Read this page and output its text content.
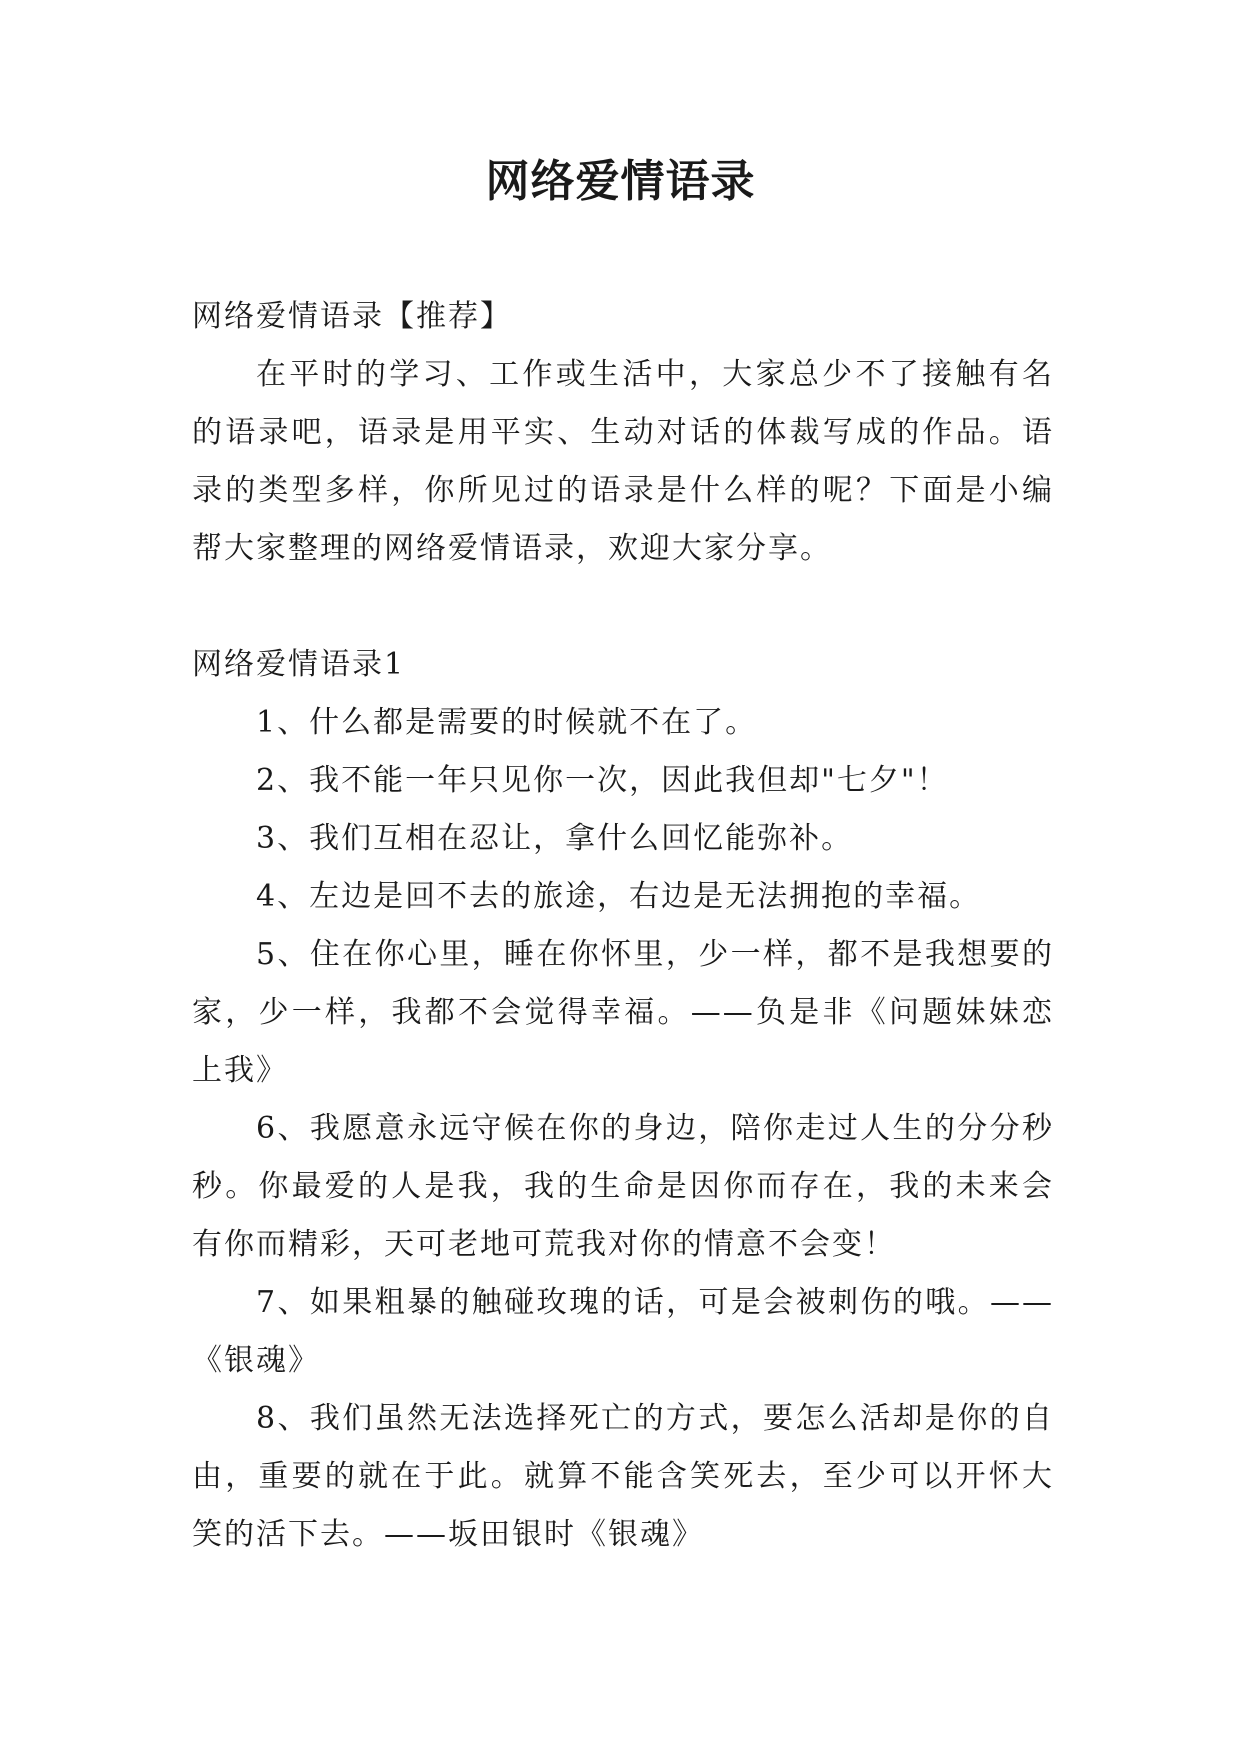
网络爱情语录

网络爱情语录【推荐】

在平时的学习、工作或生活中，大家总少不了接触有名的语录吧，语录是用平实、生动对话的体裁写成的作品。语录的类型多样，你所见过的语录是什么样的呢？下面是小编帮大家整理的网络爱情语录，欢迎大家分享。

网络爱情语录1

1、什么都是需要的时候就不在了。

2、我不能一年只见你一次，因此我但却"七夕"！

3、我们互相在忍让，拿什么回忆能弥补。

4、左边是回不去的旅途，右边是无法拥抱的幸福。

5、住在你心里，睡在你怀里，少一样，都不是我想要的家，少一样，我都不会觉得幸福。——负是非《问题妹妹恋上我》

6、我愿意永远守候在你的身边，陪你走过人生的分分秒秒。你最爱的人是我，我的生命是因你而存在，我的未来会有你而精彩，天可老地可荒我对你的情意不会变！

7、如果粗暴的触碰玫瑰的话，可是会被刺伤的哦。——《银魂》

8、我们虽然无法选择死亡的方式，要怎么活却是你的自由，重要的就在于此。就算不能含笑死去，至少可以开怀大笑的活下去。——坂田银时《银魂》
